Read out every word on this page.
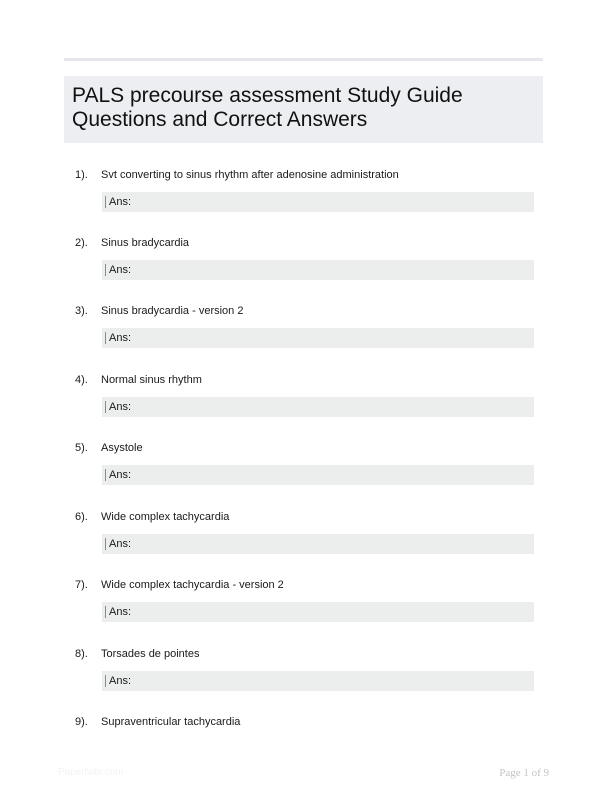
PALS precourse assessment Study Guide Questions and Correct Answers
1). Svt converting to sinus rhythm after adenosine administration
Ans:
2). Sinus bradycardia
Ans:
3). Sinus bradycardia - version 2
Ans:
4). Normal sinus rhythm
Ans:
5). Asystole
Ans:
6). Wide complex tachycardia
Ans:
7). Wide complex tachycardia - version 2
Ans:
8). Torsades de pointes
Ans:
9). Supraventricular tachycardia
PaperNibi.com	Page 1 of 9
